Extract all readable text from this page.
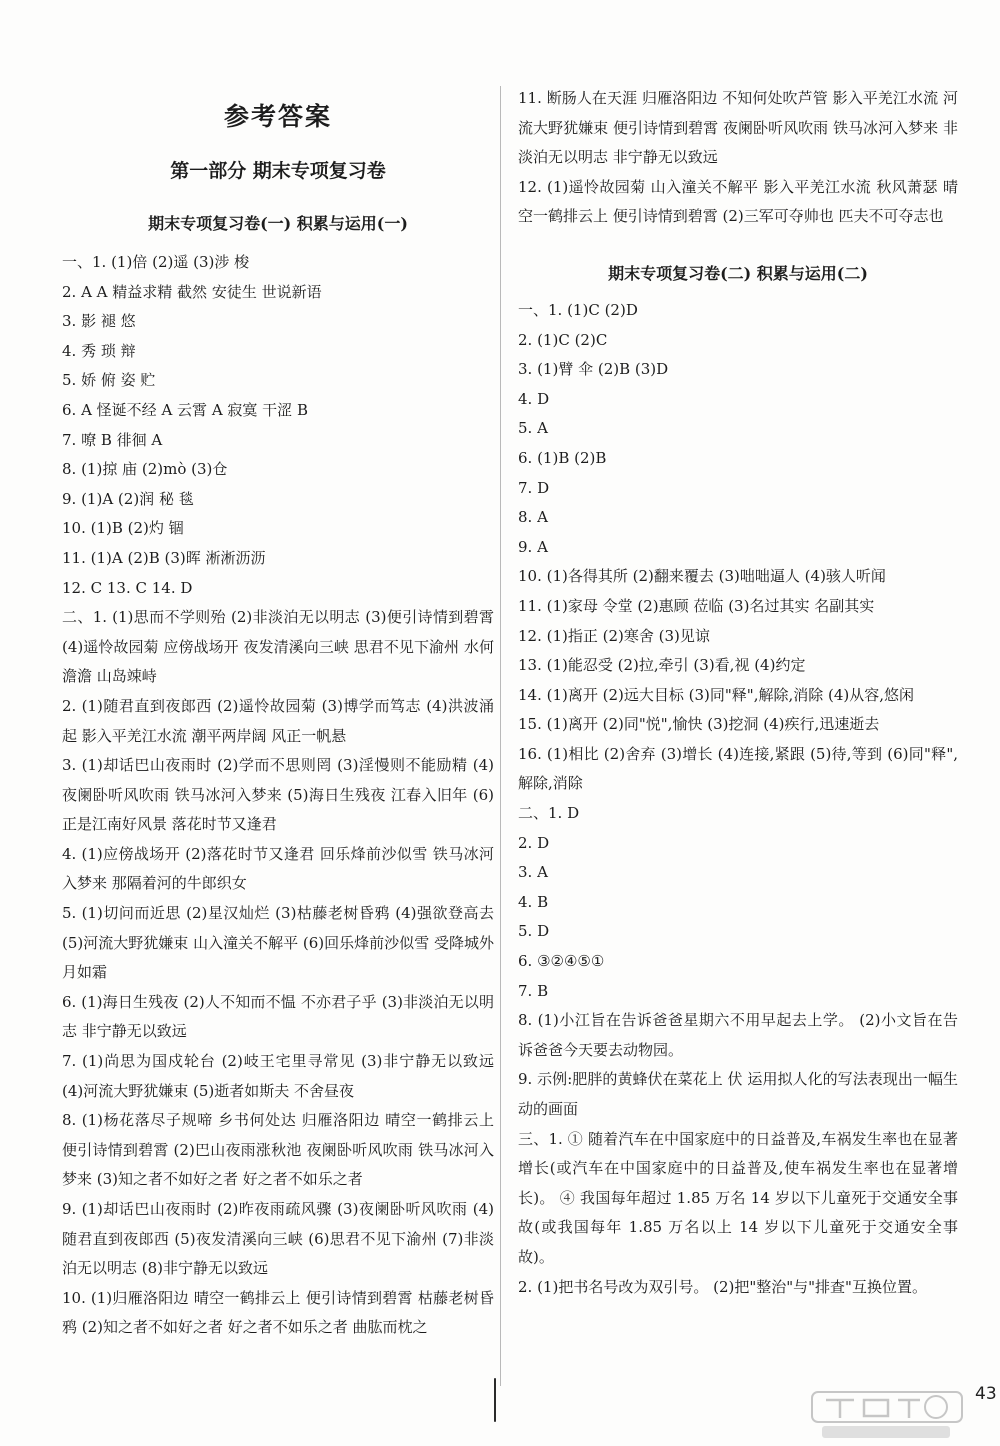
参考答案
第一部分 期末专项复习卷
期末专项复习卷(一) 积累与运用(一)

一、1. (1)倍 (2)遥 (3)涉 梭

2. A A 精益求精 截然 安徒生 世说新语

3. 影 褪 悠

4. 秀 琐 辩

5. 娇 俯 姿 贮

6. A 怪诞不经 A 云霄 A 寂寞 干涩 B

7. 嘹 B 徘徊 A

8. (1)掠 庙 (2)mò (3)仓

9. (1)A (2)润 秘 毯

10. (1)B (2)灼 锢

11. (1)A (2)B (3)晖 淅淅沥沥

12. C 13. C 14. D

二、1. (1)思而不学则殆 (2)非淡泊无以明志 (3)便引诗情到碧霄 (4)遥怜故园菊 应傍战场开 夜发清溪向三峡 思君不见下渝州 水何澹澹 山岛竦峙

2. (1)随君直到夜郎西 (2)遥怜故园菊 (3)博学而笃志 (4)洪波涌起 影入平羌江水流 潮平两岸阔 风正一帆悬

3. (1)却话巴山夜雨时 (2)学而不思则罔 (3)淫慢则不能励精 (4)夜阑卧听风吹雨 铁马冰河入梦来 (5)海日生残夜 江春入旧年 (6)正是江南好风景 落花时节又逢君

4. (1)应傍战场开 (2)落花时节又逢君 回乐烽前沙似雪 铁马冰河入梦来 那隔着河的牛郎织女

5. (1)切问而近思 (2)星汉灿烂 (3)枯藤老树昏鸦 (4)强欲登高去 (5)河流大野犹嫌束 山入潼关不解平 (6)回乐烽前沙似雪 受降城外月如霜

6. (1)海日生残夜 (2)人不知而不愠 不亦君子乎 (3)非淡泊无以明志 非宁静无以致远

7. (1)尚思为国戍轮台 (2)岐王宅里寻常见 (3)非宁静无以致远 (4)河流大野犹嫌束 (5)逝者如斯夫 不舍昼夜

8. (1)杨花落尽子规啼 乡书何处达 归雁洛阳边 晴空一鹤排云上 便引诗情到碧霄 (2)巴山夜雨涨秋池 夜阑卧听风吹雨 铁马冰河入梦来 (3)知之者不如好之者 好之者不如乐之者

9. (1)却话巴山夜雨时 (2)昨夜雨疏风骤 (3)夜阑卧听风吹雨 (4)随君直到夜郎西 (5)夜发清溪向三峡 (6)思君不见下渝州 (7)非淡泊无以明志 (8)非宁静无以致远

10. (1)归雁洛阳边 晴空一鹤排云上 便引诗情到碧霄 枯藤老树昏鸦 (2)知之者不如好之者 好之者不如乐之者 曲肱而枕之

11. 断肠人在天涯 归雁洛阳边 不知何处吹芦管 影入平羌江水流 河流大野犹嫌束 便引诗情到碧霄 夜阑卧听风吹雨 铁马冰河入梦来 非淡泊无以明志 非宁静无以致远

12. (1)遥怜故园菊 山入潼关不解平 影入平羌江水流 秋风萧瑟 晴空一鹤排云上 便引诗情到碧霄 (2)三军可夺帅也 匹夫不可夺志也

期末专项复习卷(二) 积累与运用(二)

一、1. (1)C (2)D

2. (1)C (2)C

3. (1)臂 伞 (2)B (3)D

4. D

5. A

6. (1)B (2)B

7. D

8. A

9. A

10. (1)各得其所 (2)翻来覆去 (3)咄咄逼人 (4)骇人听闻

11. (1)家母 令堂 (2)惠顾 莅临 (3)名过其实 名副其实

12. (1)指正 (2)寒舍 (3)见谅

13. (1)能忍受 (2)拉,牵引 (3)看,视 (4)约定

14. (1)离开 (2)远大目标 (3)同"释",解除,消除 (4)从容,悠闲

15. (1)离开 (2)同"悦",愉快 (3)挖洞 (4)疾行,迅速逝去

16. (1)相比 (2)舍弃 (3)增长 (4)连接,紧跟 (5)待,等到 (6)同"释",解除,消除

二、1. D

2. D

3. A

4. B

5. D

6. ③②④⑤①

7. B

8. (1)小江旨在告诉爸爸星期六不用早起去上学。 (2)小文旨在告诉爸爸今天要去动物园。

9. 示例:肥胖的黄蜂伏在菜花上 伏 运用拟人化的写法表现出一幅生动的画面

三、1. ① 随着汽车在中国家庭中的日益普及,车祸发生率也在显著增长(或汽车在中国家庭中的日益普及,使车祸发生率也在显著增长)。 ④ 我国每年超过 1.85 万名 14 岁以下儿童死于交通安全事故(或我国每年 1.85 万名以上 14 岁以下儿童死于交通安全事故)。

2. (1)把书名号改为双引号。 (2)把"整治"与"排查"互换位置。

43
